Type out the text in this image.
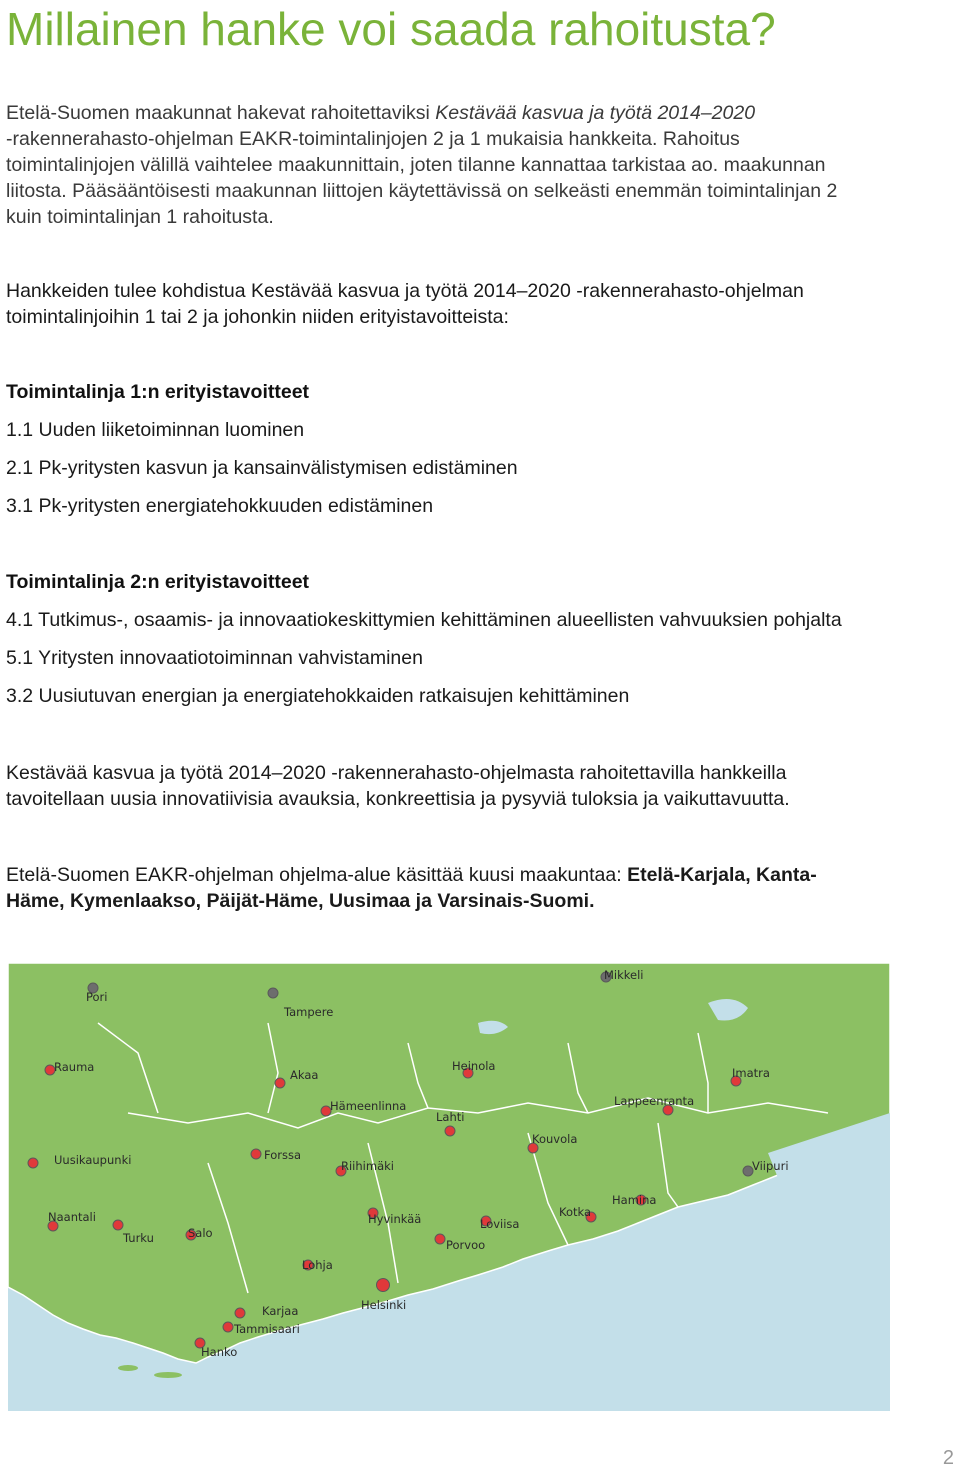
Millainen hanke voi saada rahoitusta?
Etelä-Suomen maakunnat hakevat rahoitettaviksi Kestävää kasvua ja työtä 2014–2020
-rakennerahasto-ohjelman EAKR-toimintalinjojen 2 ja 1 mukaisia hankkeita. Rahoitus
toimintalinjojen välillä vaihtelee maakunnittain, joten tilanne kannattaa tarkistaa ao. maakunnan
liitosta. Pääsääntöisesti maakunnan liittojen käytettävissä on selkeästi enemmän toimintalinjan 2
kuin toimintalinjan 1 rahoitusta.
Hankkeiden tulee kohdistua Kestävää kasvua ja työtä 2014–2020 -rakennerahasto-ohjelman
toimintalinjoihin 1 tai 2 ja johonkin niiden erityistavoitteista:

Toimintalinja 1:n erityistavoitteet

1.1 Uuden liiketoiminnan luominen

2.1 Pk-yritysten kasvun ja kansainvälistymisen edistäminen

3.1 Pk-yritysten energiatehokkuuden edistäminen

Toimintalinja 2:n erityistavoitteet

4.1 Tutkimus-, osaamis- ja innovaatiokeskittymien kehittäminen alueellisten vahvuuksien pohjalta

5.1 Yritysten innovaatiotoiminnan vahvistaminen

3.2 Uusiutuvan energian ja energiatehokkaiden ratkaisujen kehittäminen

Kestävää kasvua ja työtä 2014–2020 -rakennerahasto-ohjelmasta rahoitettavilla hankkeilla
tavoitellaan uusia innovatiivisia avauksia, konkreettisia ja pysyviä tuloksia ja vaikuttavuutta.
Etelä-Suomen EAKR-ohjelman ohjelma-alue käsittää kuusi maakuntaa: Etelä-Karjala, Kanta-
Häme, Kymenlaakso, Päijät-Häme, Uusimaa ja Varsinais-Suomi.
Pori
Tampere
Mikkeli
Rauma
Akaa
Heinola	Imatra
Hämeenlinna
Lahti
Lappeenranta
Kouvola
Uusikaupunki	Forssa
Riihimäki	Viipuri
Hamina
Kotka
Naantali
Turku	Salo
Hyvinkää	Loviisa
Porvoo
Lohja
Helsinki
Karjaa
Tammisaari
Hanko
2
